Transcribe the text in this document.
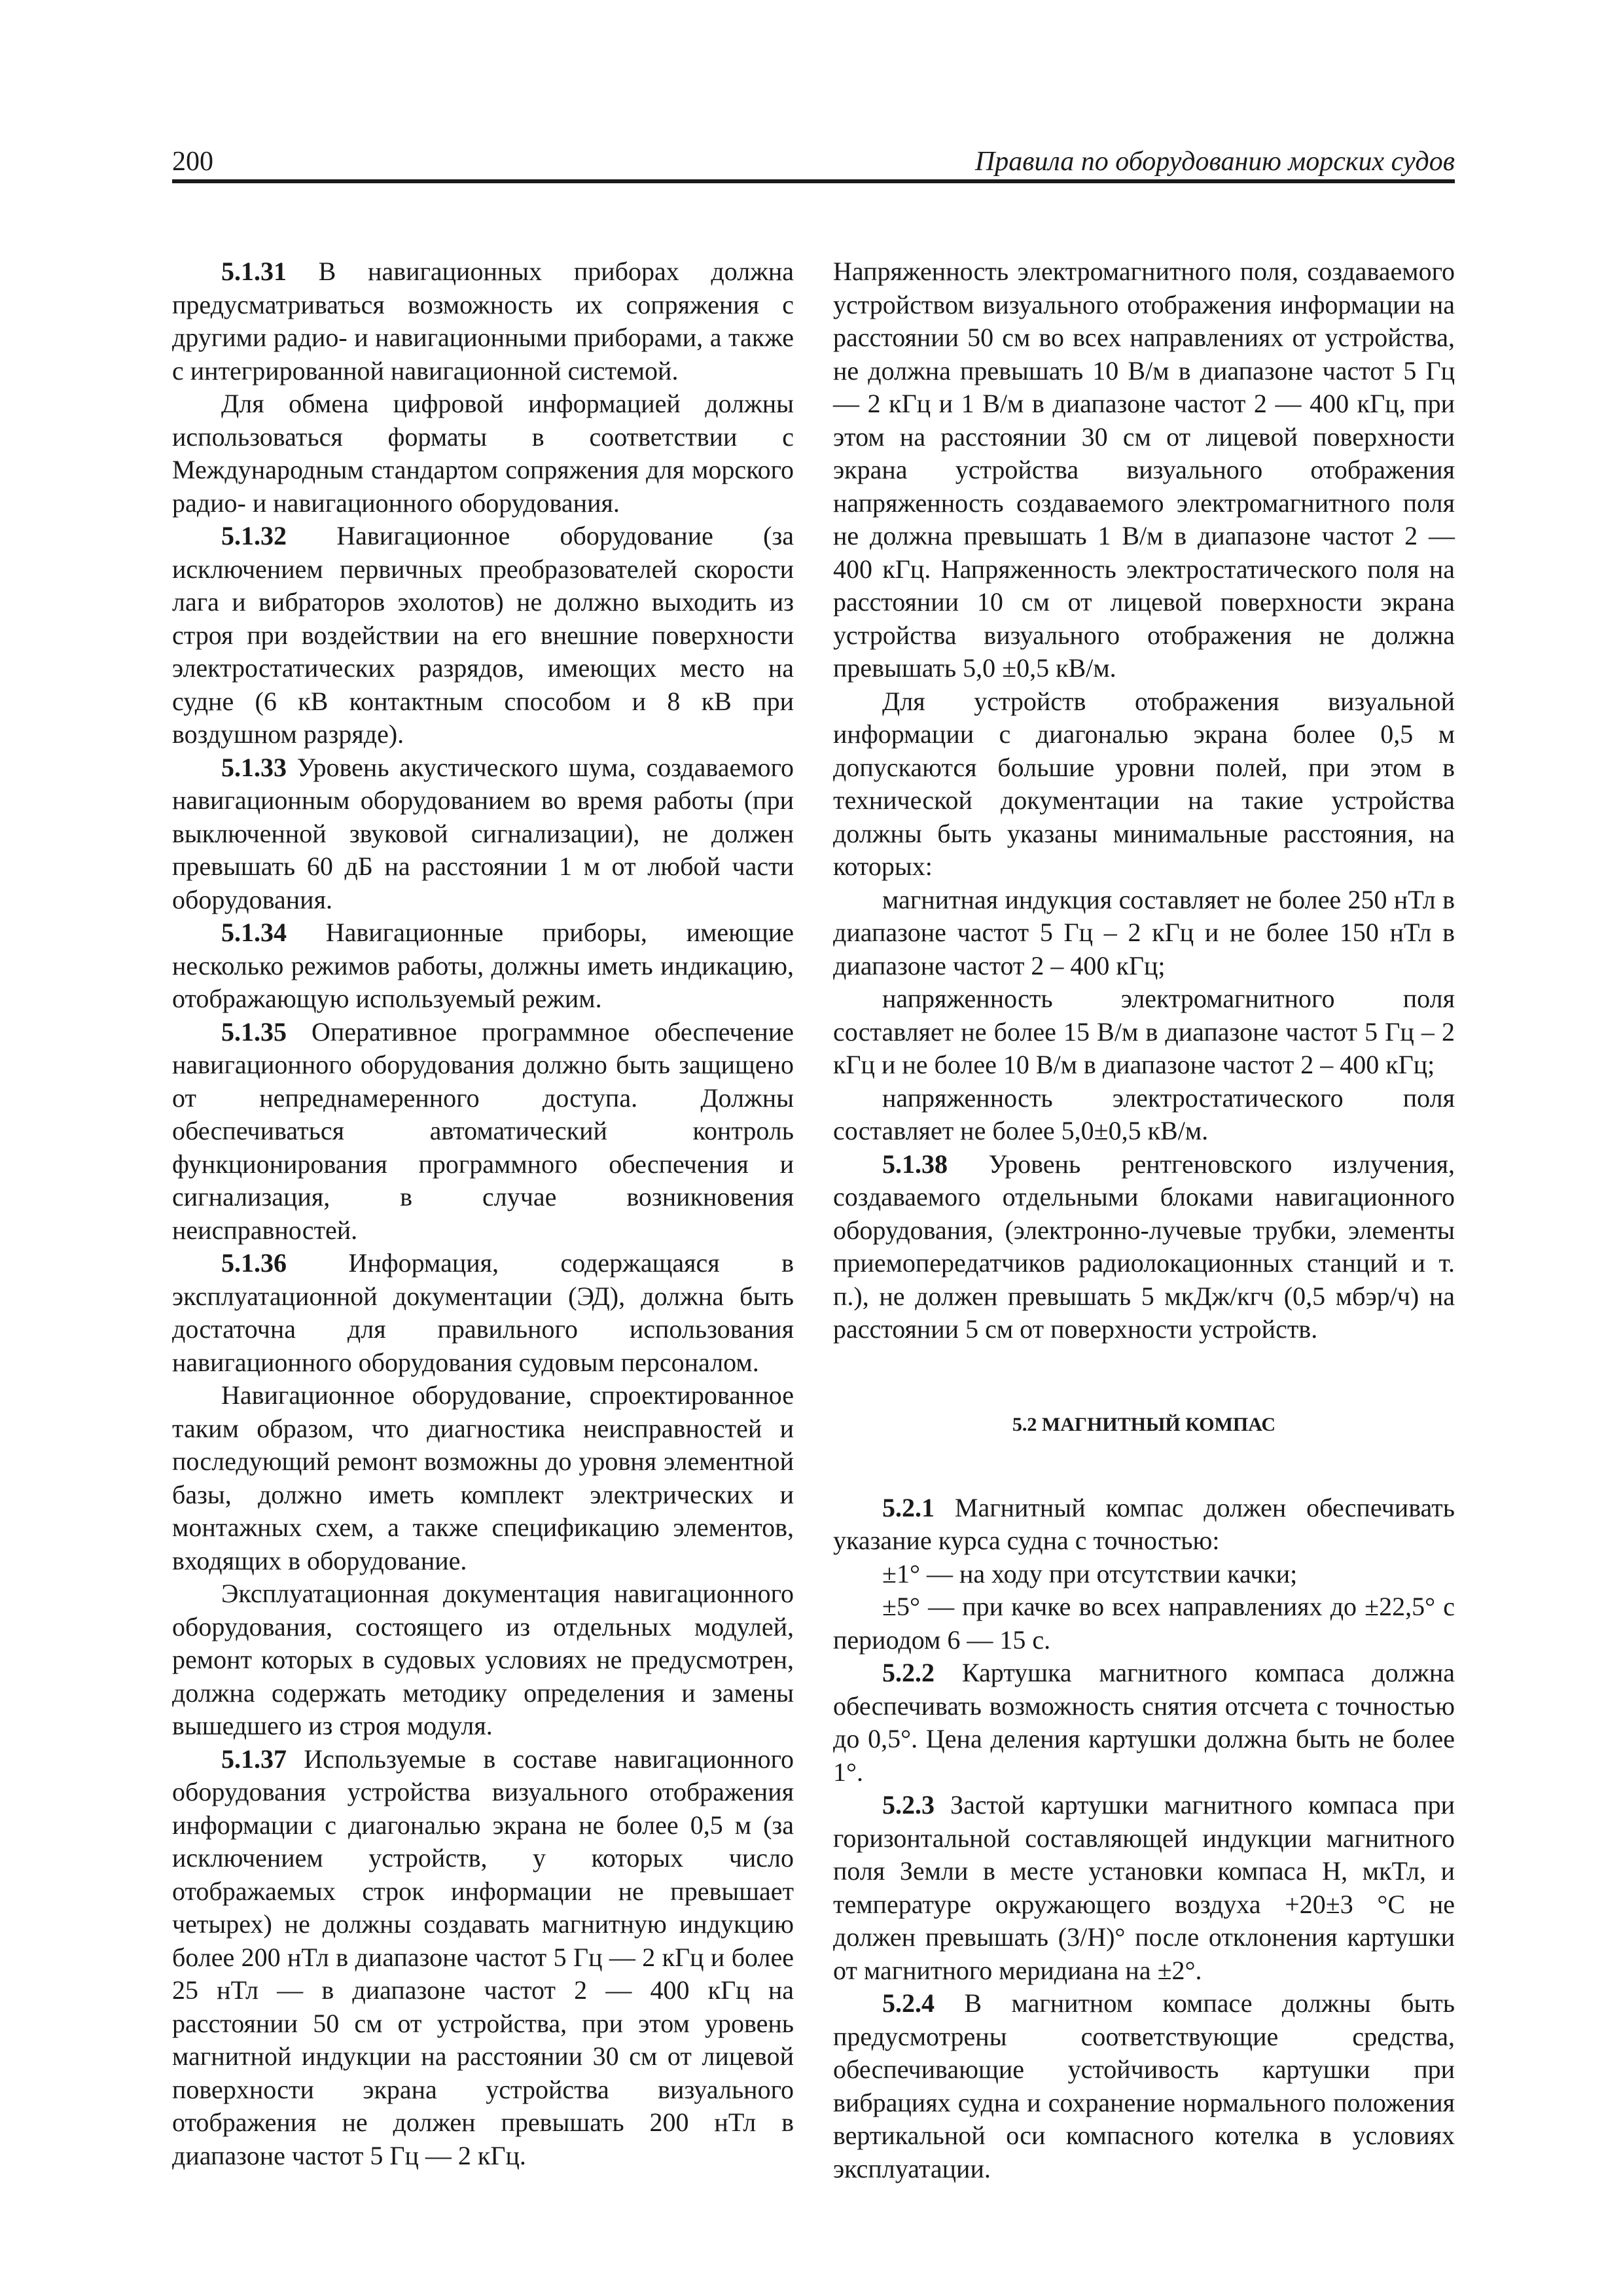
200	Правила по оборудованию морских судов

5.1.31 В навигационных приборах должна предусматриваться возможность их сопряжения с другими радио- и навигационными приборами, а также с интегрированной навигационной системой.

Для обмена цифровой информацией должны использоваться форматы в соответствии с Международным стандартом сопряжения для морского радио- и навигационного оборудования.

5.1.32 Навигационное оборудование (за исключением первичных преобразователей скорости лага и вибраторов эхолотов) не должно выходить из строя при воздействии на его внешние поверхности электростатических разрядов, имеющих место на судне (6 кВ контактным способом и 8 кВ при воздушном разряде).

5.1.33 Уровень акустического шума, создаваемого навигационным оборудованием во время работы (при выключенной звуковой сигнализации), не должен превышать 60 дБ на расстоянии 1 м от любой части оборудования.

5.1.34 Навигационные приборы, имеющие несколько режимов работы, должны иметь индикацию, отображающую используемый режим.

5.1.35 Оперативное программное обеспечение навигационного оборудования должно быть защищено от непреднамеренного доступа. Должны обеспечиваться автоматический контроль функционирования программного обеспечения и сигнализация, в случае возникновения неисправностей.

5.1.36 Информация, содержащаяся в эксплуатационной документации (ЭД), должна быть достаточна для правильного использования навигационного оборудования судовым персоналом.

Навигационное оборудование, спроектированное таким образом, что диагностика неисправностей и последующий ремонт возможны до уровня элементной базы, должно иметь комплект электрических и монтажных схем, а также спецификацию элементов, входящих в оборудование.

Эксплуатационная документация навигационного оборудования, состоящего из отдельных модулей, ремонт которых в судовых условиях не предусмотрен, должна содержать методику определения и замены вышедшего из строя модуля.

5.1.37 Используемые в составе навигационного оборудования устройства визуального отображения информации с диагональю экрана не более 0,5 м (за исключением устройств, у которых число отображаемых строк информации не превышает четырех) не должны создавать магнитную индукцию более 200 нТл в диапазоне частот 5 Гц — 2 кГц и более 25 нТл — в диапазоне частот 2 — 400 кГц на расстоянии 50 см от устройства, при этом уровень магнитной индукции на расстоянии 30 см от лицевой поверхности экрана устройства визуального отображения не должен превышать 200 нТл в диапазоне частот 5 Гц — 2 кГц.

Напряженность электромагнитного поля, создаваемого устройством визуального отображения информации на расстоянии 50 см во всех направлениях от устройства, не должна превышать 10 В/м в диапазоне частот 5 Гц — 2 кГц и 1 В/м в диапазоне частот 2 — 400 кГц, при этом на расстоянии 30 см от лицевой поверхности экрана устройства визуального отображения напряженность создаваемого электромагнитного поля не должна превышать 1 В/м в диапазоне частот 2 — 400 кГц. Напряженность электростатического поля на расстоянии 10 см от лицевой поверхности экрана устройства визуального отображения не должна превышать 5,0 ±0,5 кВ/м.

Для устройств отображения визуальной информации с диагональю экрана более 0,5 м допускаются большие уровни полей, при этом в технической документации на такие устройства должны быть указаны минимальные расстояния, на которых:

магнитная индукция составляет не более 250 нТл в диапазоне частот 5 Гц – 2 кГц и не более 150 нТл в диапазоне частот 2 – 400 кГц;

напряженность электромагнитного поля составляет не более 15 В/м в диапазоне частот 5 Гц – 2 кГц и не более 10 В/м в диапазоне частот 2 – 400 кГц;

напряженность электростатического поля составляет не более 5,0±0,5 кВ/м.

5.1.38 Уровень рентгеновского излучения, создаваемого отдельными блоками навигационного оборудования, (электронно-лучевые трубки, элементы приемопередатчиков радиолокационных станций и т. п.), не должен превышать 5 мкДж/кгч (0,5 мбэр/ч) на расстоянии 5 см от поверхности устройств.

5.2 МАГНИТНЫЙ КОМПАС

5.2.1 Магнитный компас должен обеспечивать указание курса судна с точностью:

±1° — на ходу при отсутствии качки;

±5° — при качке во всех направлениях до ±22,5° с периодом 6 — 15 с.

5.2.2 Картушка магнитного компаса должна обеспечивать возможность снятия отсчета с точностью до 0,5°. Цена деления картушки должна быть не более 1°.

5.2.3 Застой картушки магнитного компаса при горизонтальной составляющей индукции магнитного поля Земли в месте установки компаса H, мкТл, и температуре окружающего воздуха +20±3 °С не должен превышать (3/H)° после отклонения картушки от магнитного меридиана на ±2°.

5.2.4 В магнитном компасе должны быть предусмотрены соответствующие средства, обеспечивающие устойчивость картушки при вибрациях судна и сохранение нормального положения вертикальной оси компасного котелка в условиях эксплуатации.
